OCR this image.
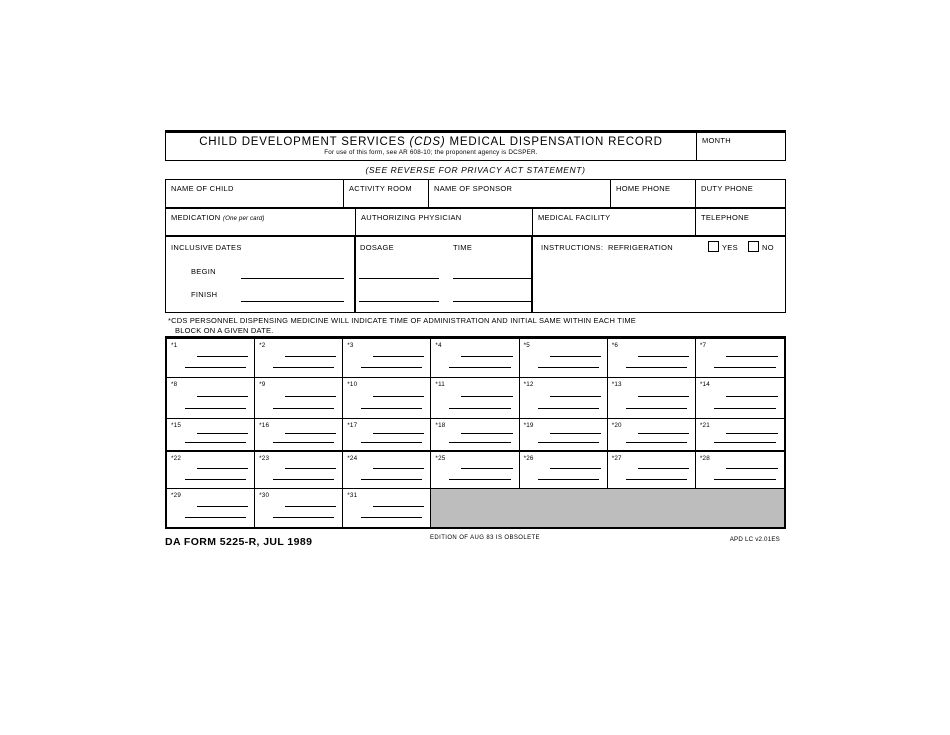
CHILD DEVELOPMENT SERVICES (CDS) MEDICAL DISPENSATION RECORD
For use of this form, see AR 608-10; the proponent agency is DCSPER.
MONTH
(SEE REVERSE FOR PRIVACY ACT STATEMENT)
NAME OF CHILD	ACTIVITY ROOM	NAME OF SPONSOR	HOME PHONE	DUTY PHONE
MEDICATION (One per card)	AUTHORIZING PHYSICIAN	MEDICAL FACILITY	TELEPHONE
INCLUSIVE DATES
BEGIN
FINISH
DOSAGE	TIME	INSTRUCTIONS:  REFRIGERATION	YES	NO
*CDS PERSONNEL DISPENSING MEDICINE WILL INDICATE TIME OF ADMINISTRATION AND INITIAL SAME WITHIN EACH TIME
BLOCK ON A GIVEN DATE.
*1	*2	*3	*4	*5	*6	*7
*8	*9	*10	*11	*12	*13	*14
*15	*16	*17	*18	*19	*20	*21
*22	*23	*24	*25	*26	*27	*28
*29	*30	*31
DA FORM 5225-R, JUL 1989	EDITION OF AUG 83 IS OBSOLETE	APD LC v2.01ES
